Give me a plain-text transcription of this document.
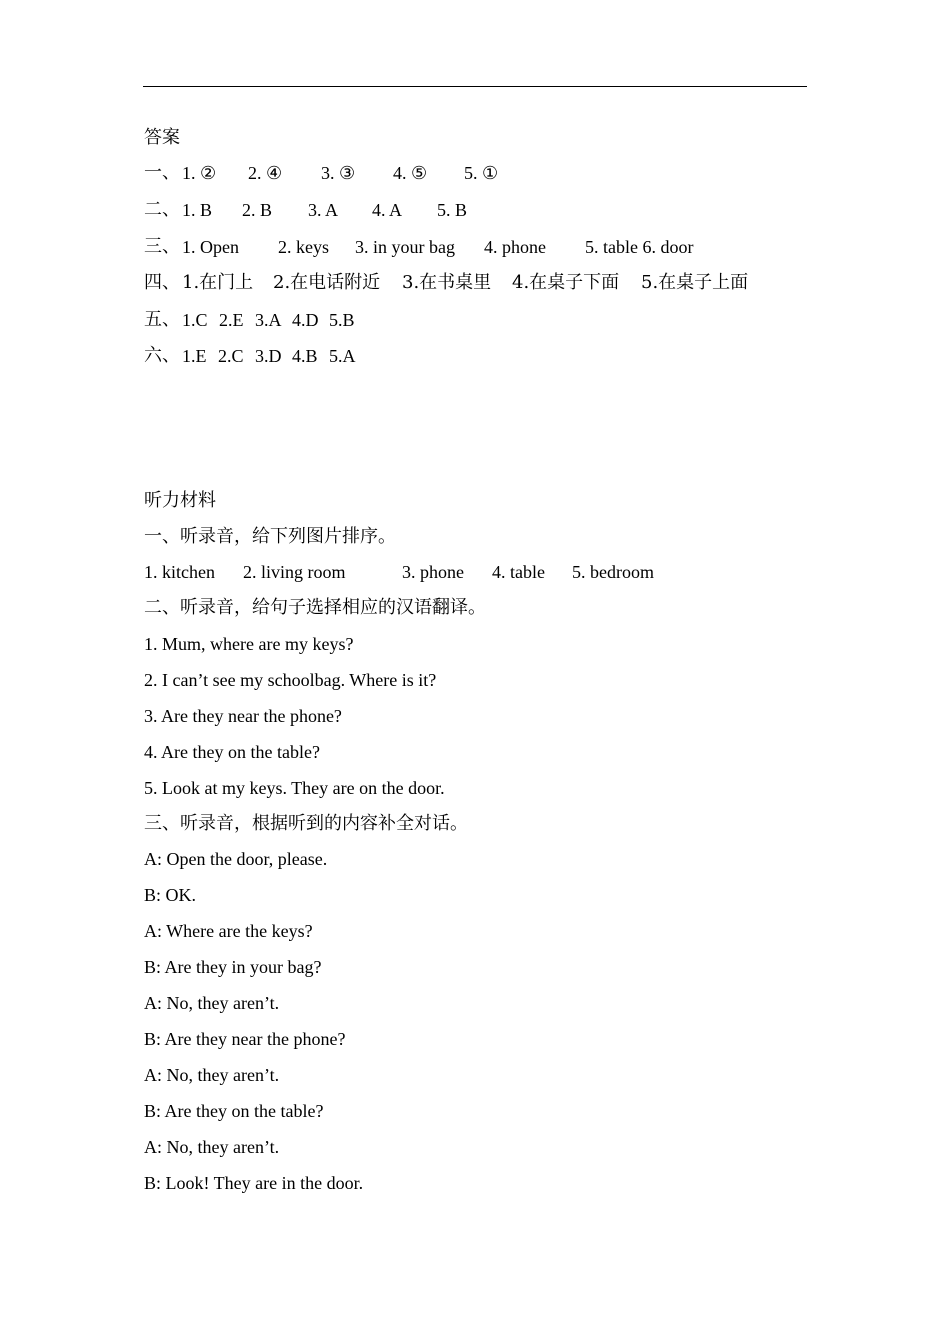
答案
一、 1. ② 2. ④ 3. ③ 4. ⑤ 5. ①
二、 1. B 2. B 3. A 4. A 5. B
三、 1. Open 2. keys 3. in your bag 4. phone 5. table 6. door
四、 1.在门上 2.在电话附近 3.在书桌里 4.在桌子下面 5.在桌子上面
五、 1.C 2.E 3.A 4.D 5.B
六、 1.E 2.C 3.D 4.B 5.A
听力材料
一、听录音，给下列图片排序。
1. kitchen 2. living room	3. phone 4. table 5. bedroom
二、听录音，给句子选择相应的汉语翻译。
1. Mum, where are my keys?
2. I can’t see my schoolbag. Where is it?
3. Are they near the phone?
4. Are they on the table?
5. Look at my keys. They are on the door.
三、听录音，根据听到的内容补全对话。
A: Open the door, please.
B: OK.
A: Where are the keys?
B: Are they in your bag?
A: No, they aren’t.
B: Are they near the phone?
A: No, they aren’t.
B: Are they on the table?
A: No, they aren’t.
B: Look! They are in the door.
